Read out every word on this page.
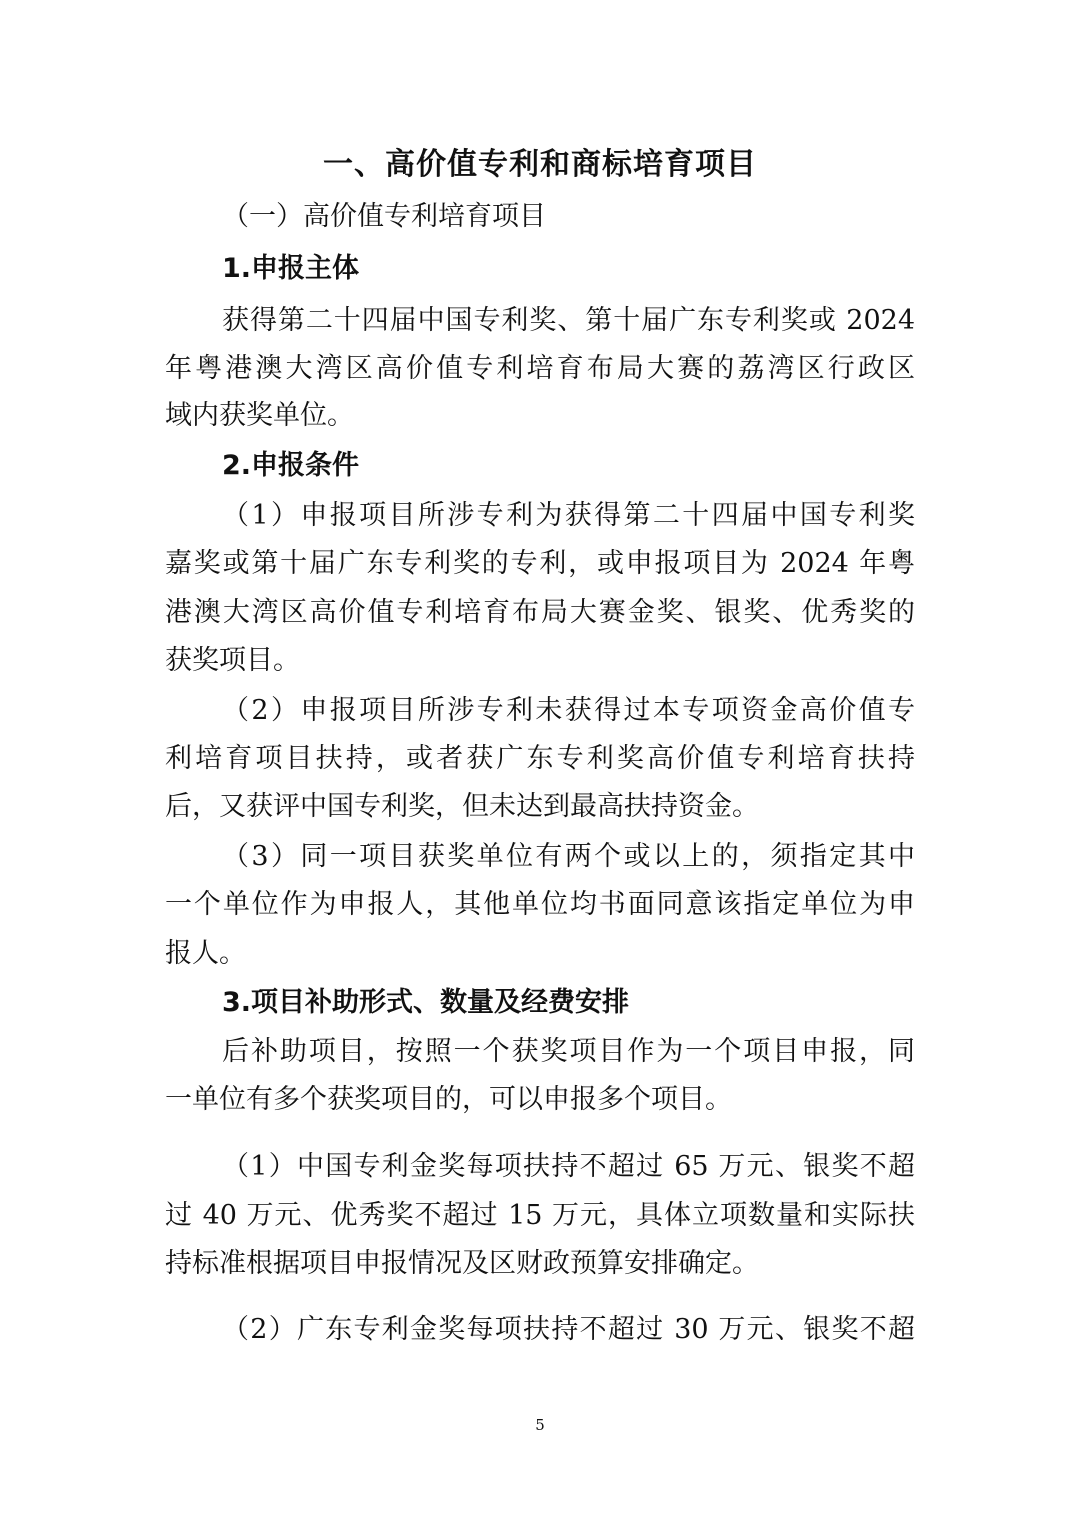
一、高价值专利和商标培育项目
（一）高价值专利培育项目
1.申报主体
获得第二十四届中国专利奖、第十届广东专利奖或 2024
年粤港澳大湾区高价值专利培育布局大赛的荔湾区行政区
域内获奖单位。
2.申报条件
（1）申报项目所涉专利为获得第二十四届中国专利奖
嘉奖或第十届广东专利奖的专利，或申报项目为 2024 年粤
港澳大湾区高价值专利培育布局大赛金奖、银奖、优秀奖的
获奖项目。
（2）申报项目所涉专利未获得过本专项资金高价值专
利培育项目扶持，或者获广东专利奖高价值专利培育扶持
后，又获评中国专利奖，但未达到最高扶持资金。
（3）同一项目获奖单位有两个或以上的，须指定其中
一个单位作为申报人，其他单位均书面同意该指定单位为申
报人。
3.项目补助形式、数量及经费安排
后补助项目，按照一个获奖项目作为一个项目申报，同
一单位有多个获奖项目的，可以申报多个项目。
（1）中国专利金奖每项扶持不超过 65 万元、银奖不超
过 40 万元、优秀奖不超过 15 万元，具体立项数量和实际扶
持标准根据项目申报情况及区财政预算安排确定。
（2）广东专利金奖每项扶持不超过 30 万元、银奖不超
5
